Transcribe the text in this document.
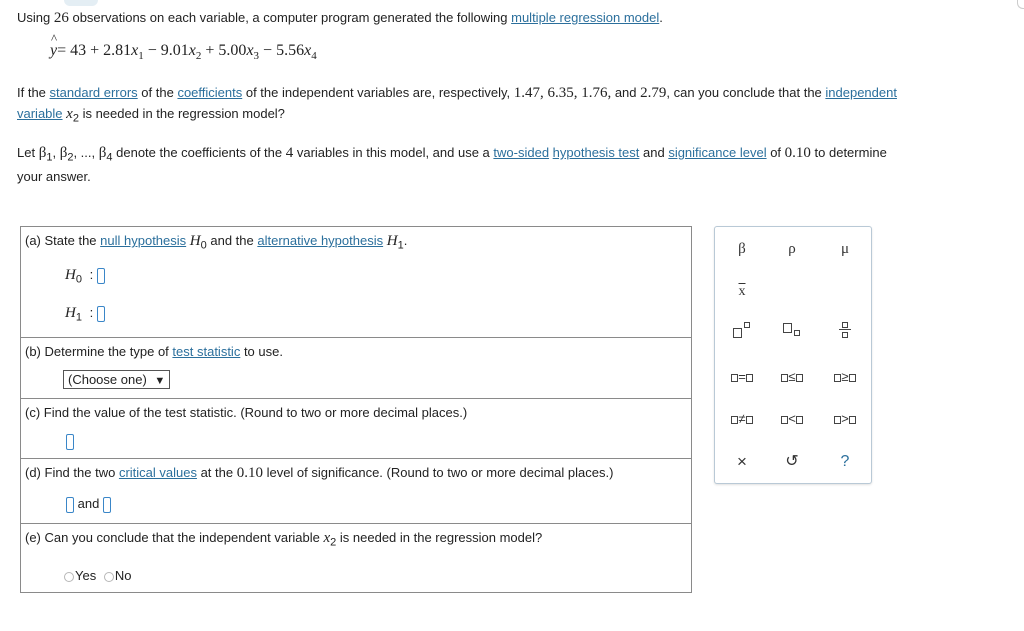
Using 26 observations on each variable, a computer program generated the following multiple regression model.
^
$y= 43 + 2.81x_1 - 9.01x_2 + 5.00x_3 - 5.56x_4$
If the standard errors of the coefficients of the independent variables are, respectively, 1.47, 6.35, 1.76, and 2.79, can you conclude that the independent
variable $x_2$ is needed in the regression model?
Let $\beta_1$, $\beta_2$, ..., $\beta_4$ denote the coefficients of the 4 variables in this model, and use a two-sided hypothesis test and significance level of 0.10 to determine
your answer.
(a) State the null hypothesis $H_0$ and the alternative hypothesis $H_1$.
$H_0$ :
$H_1$ :
(b) Determine the type of test statistic to use.
(Choose one) ▼
(c) Find the value of the test statistic. (Round to two or more decimal places.)
(d) Find the two critical values at the 0.10 level of significance. (Round to two or more decimal places.)
and
(e) Can you conclude that the independent variable $x_2$ is needed in the regression model?
Yes No
β	ρ	μ
$\overline{x}$
=	≤	≥
≠	<	>
×	↺	?
